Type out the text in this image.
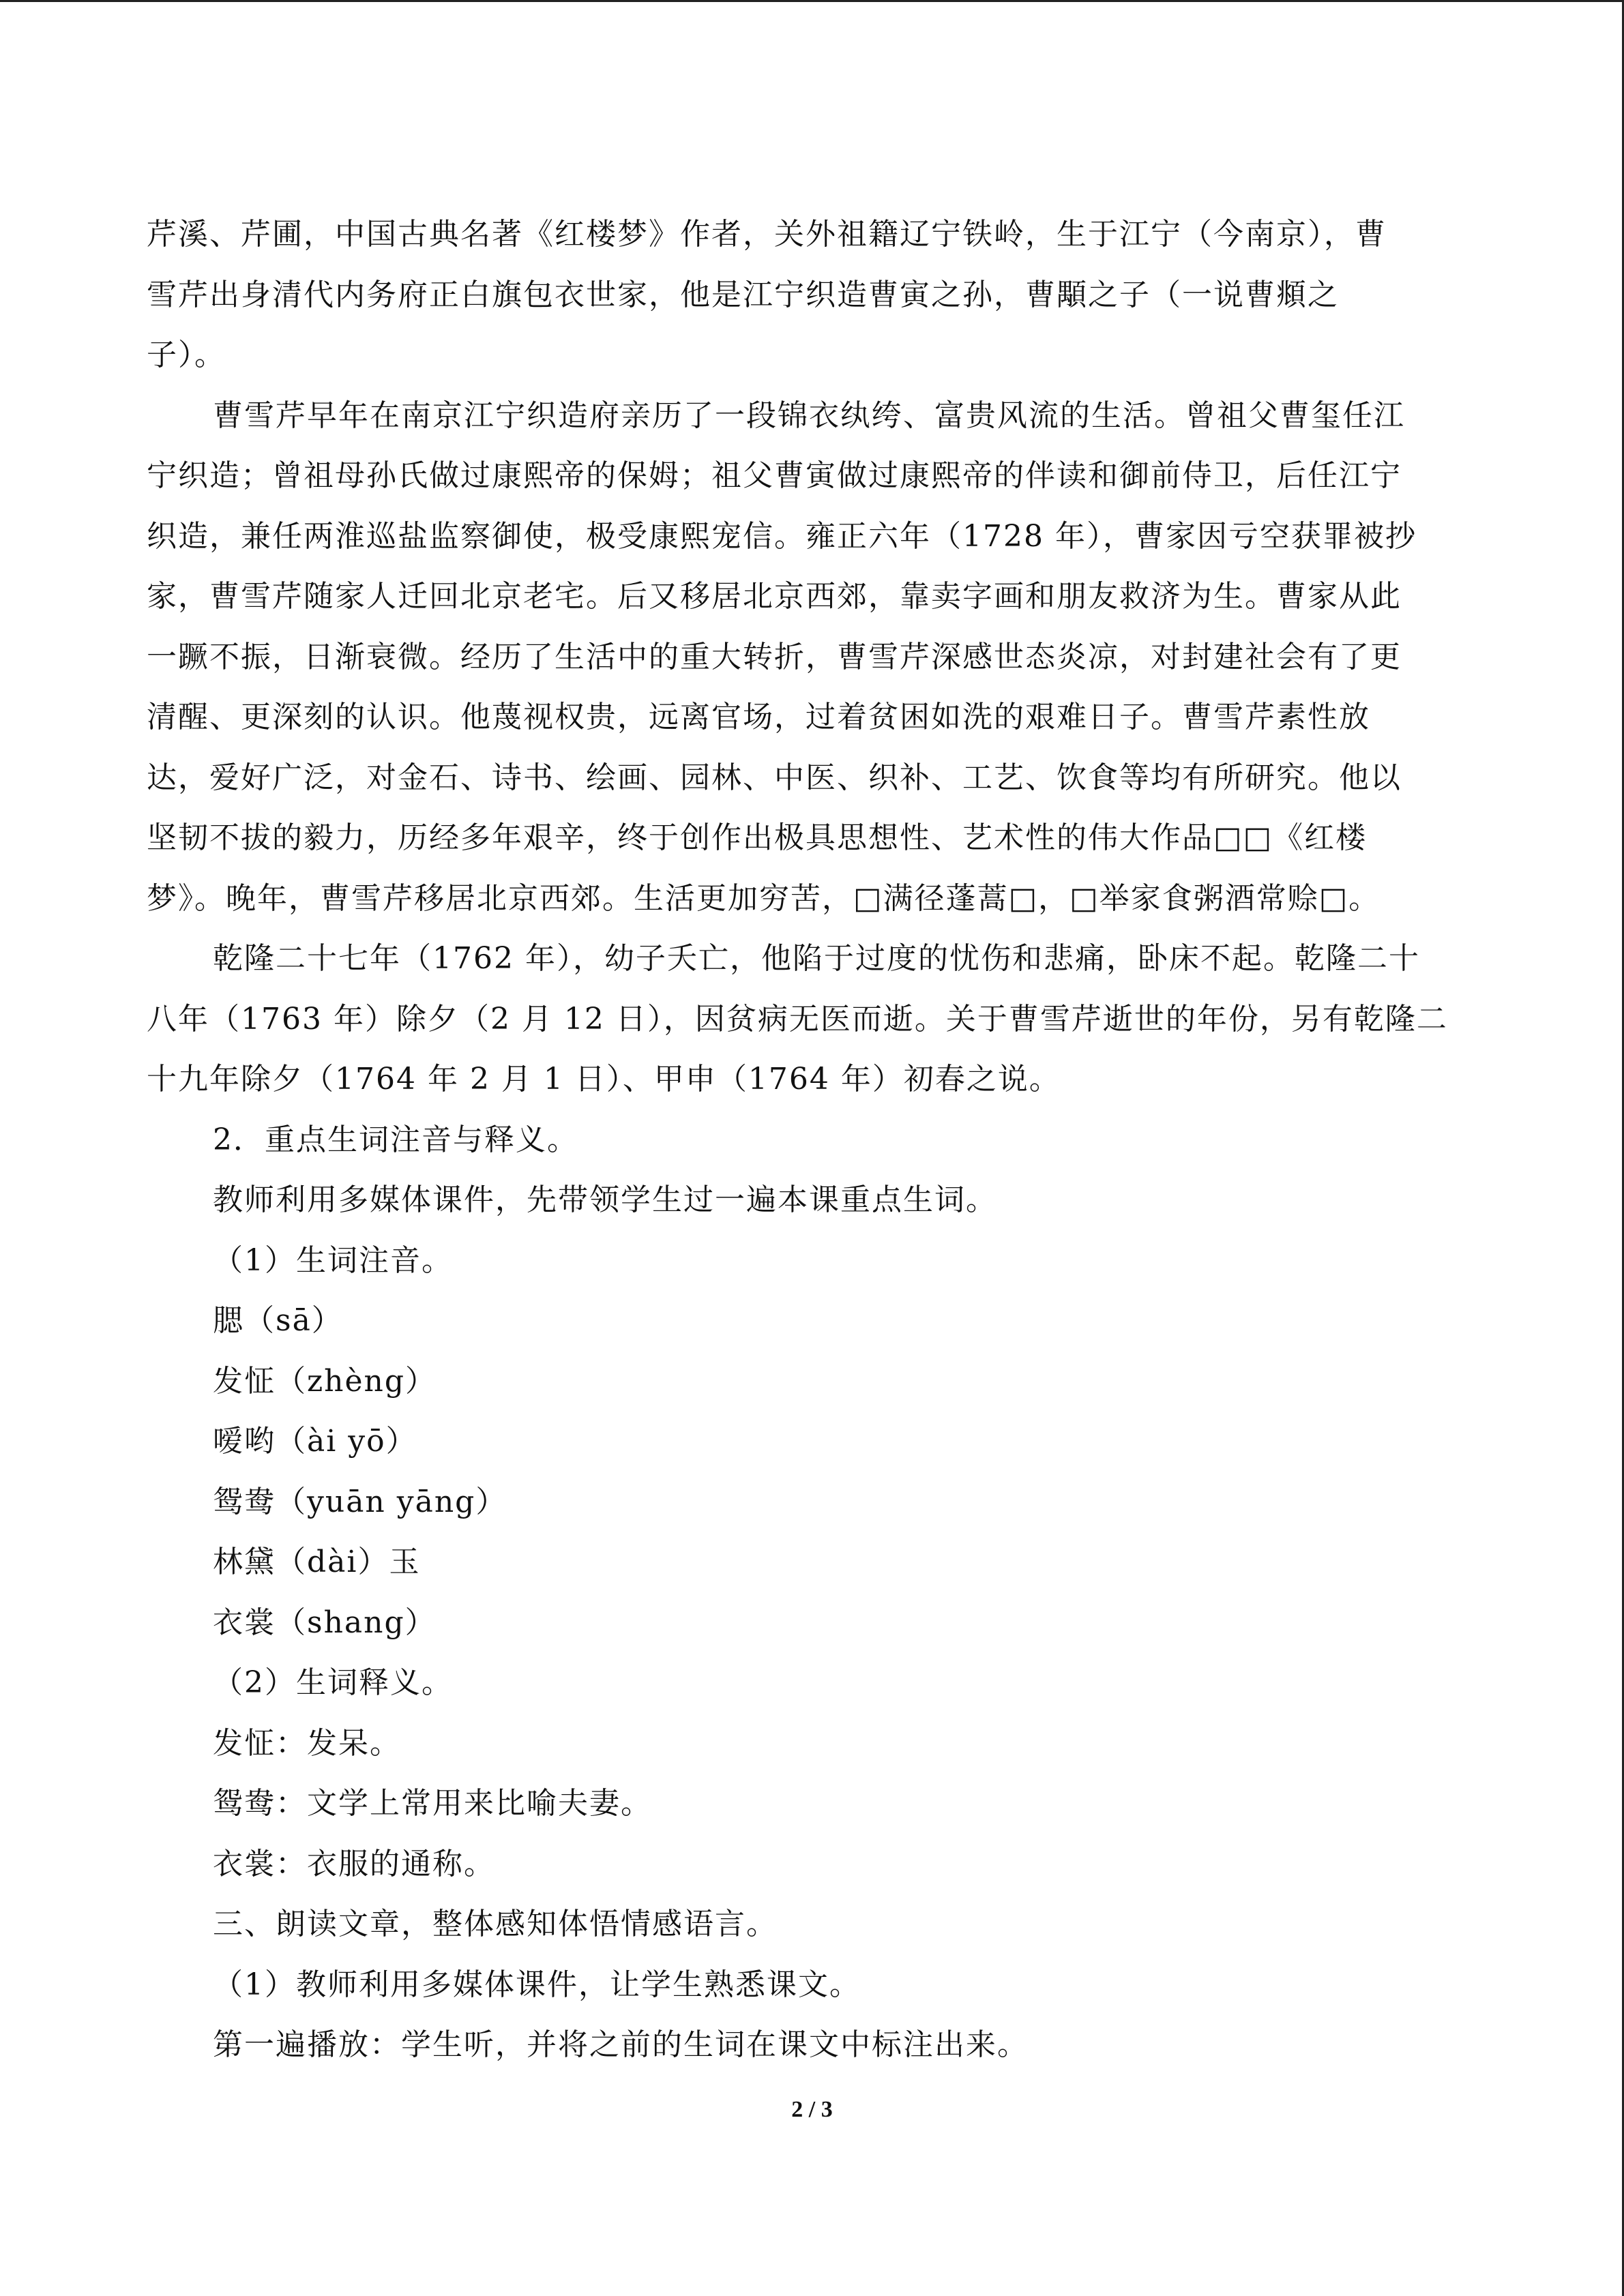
芹溪、芹圃，中国古典名著《红楼梦》作者，关外祖籍辽宁铁岭，生于江宁（今南京），曹
雪芹出身清代内务府正白旗包衣世家，他是江宁织造曹寅之孙，曹顒之子（一说曹頫之
子）。
曹雪芹早年在南京江宁织造府亲历了一段锦衣纨绔、富贵风流的生活。曾祖父曹玺任江
宁织造；曾祖母孙氏做过康熙帝的保姆；祖父曹寅做过康熙帝的伴读和御前侍卫，后任江宁
织造，兼任两淮巡盐监察御使，极受康熙宠信。雍正六年（1728 年），曹家因亏空获罪被抄
家，曹雪芹随家人迁回北京老宅。后又移居北京西郊，靠卖字画和朋友救济为生。曹家从此
一蹶不振，日渐衰微。经历了生活中的重大转折，曹雪芹深感世态炎凉，对封建社会有了更
清醒、更深刻的认识。他蔑视权贵，远离官场，过着贫困如洗的艰难日子。曹雪芹素性放
达，爱好广泛，对金石、诗书、绘画、园林、中医、织补、工艺、饮食等均有所研究。他以
坚韧不拔的毅力，历经多年艰辛，终于创作出极具思想性、艺术性的伟大作品□□《红楼
梦》。晚年，曹雪芹移居北京西郊。生活更加穷苦，□满径蓬蒿□，□举家食粥酒常赊□。
乾隆二十七年（1762 年），幼子夭亡，他陷于过度的忧伤和悲痛，卧床不起。乾隆二十
八年（1763 年）除夕（2 月 12 日），因贫病无医而逝。关于曹雪芹逝世的年份，另有乾隆二
十九年除夕（1764 年 2 月 1 日）、甲申（1764 年）初春之说。
2．重点生词注音与释义。
教师利用多媒体课件，先带领学生过一遍本课重点生词。
（1）生词注音。
腮（sā）
发怔（zhèng）
嗳哟（ài yō）
鸳鸯（yuān yāng）
林黛（dài）玉
衣裳（shang）
（2）生词释义。
发怔：发呆。
鸳鸯：文学上常用来比喻夫妻。
衣裳：衣服的通称。
三、朗读文章，整体感知体悟情感语言。
（1）教师利用多媒体课件，让学生熟悉课文。
第一遍播放：学生听，并将之前的生词在课文中标注出来。
2 / 3
